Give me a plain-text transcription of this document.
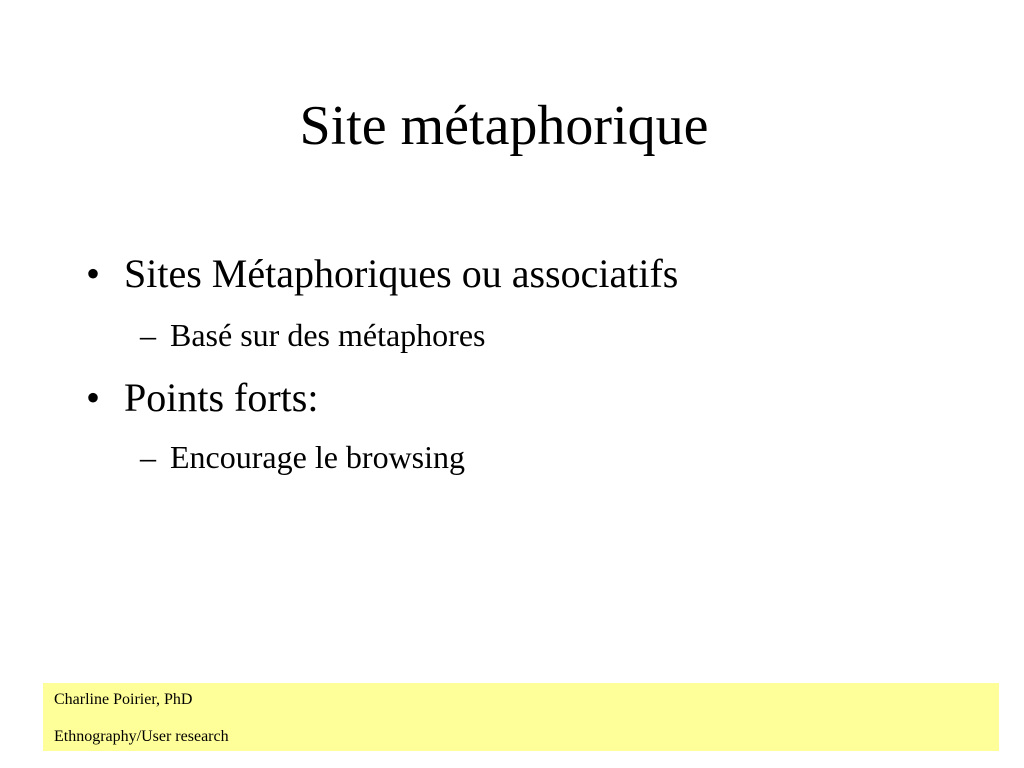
Site métaphorique
• Sites Métaphoriques ou associatifs
– Basé sur des métaphores
• Points forts:
– Encourage le browsing
Charline Poirier, PhD
Ethnography/User research
